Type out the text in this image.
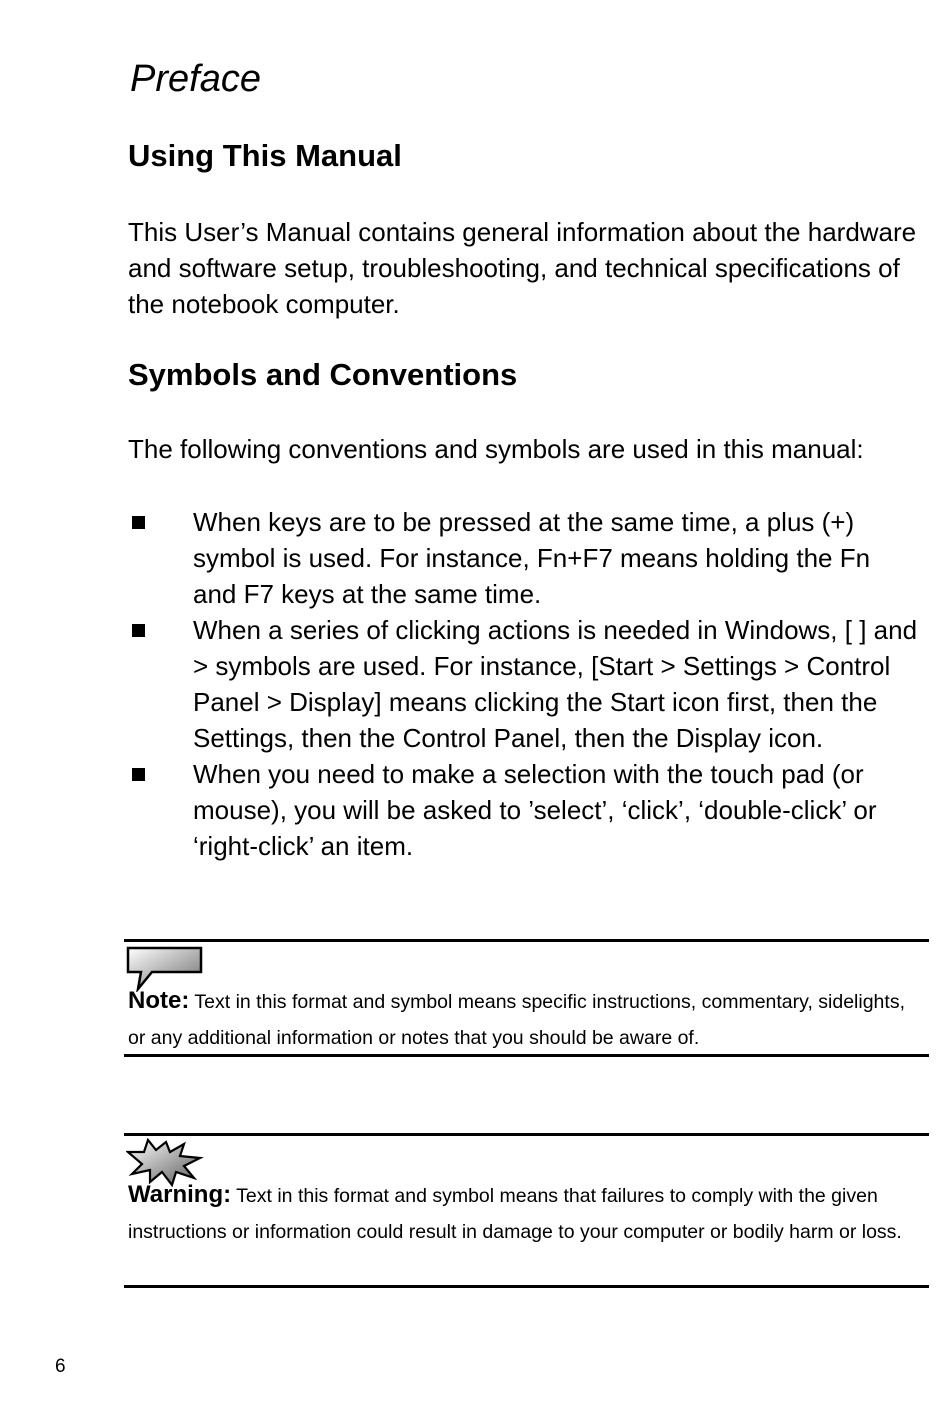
Preface
Using This Manual

This User’s Manual contains general information about the hardware and software setup, troubleshooting, and technical specifications of the notebook computer.

Symbols and Conventions

The following conventions and symbols are used in this manual:

When keys are to be pressed at the same time, a plus (+) symbol is used. For instance, Fn+F7 means holding the Fn and F7 keys at the same time.
When a series of clicking actions is needed in Windows, [ ] and > symbols are used. For instance, [Start > Settings > Control Panel > Display] means clicking the Start icon first, then the Settings, then the Control Panel, then the Display icon.
When you need to make a selection with the touch pad (or mouse), you will be asked to ’select’, ‘click’, ‘double-click’ or ‘right-click’ an item.

Note: Text in this format and symbol means specific instructions, commentary, sidelights, or any additional information or notes that you should be aware of.

Warning: Text in this format and symbol means that failures to comply with the given instructions or information could result in damage to your computer or bodily harm or loss.

6
